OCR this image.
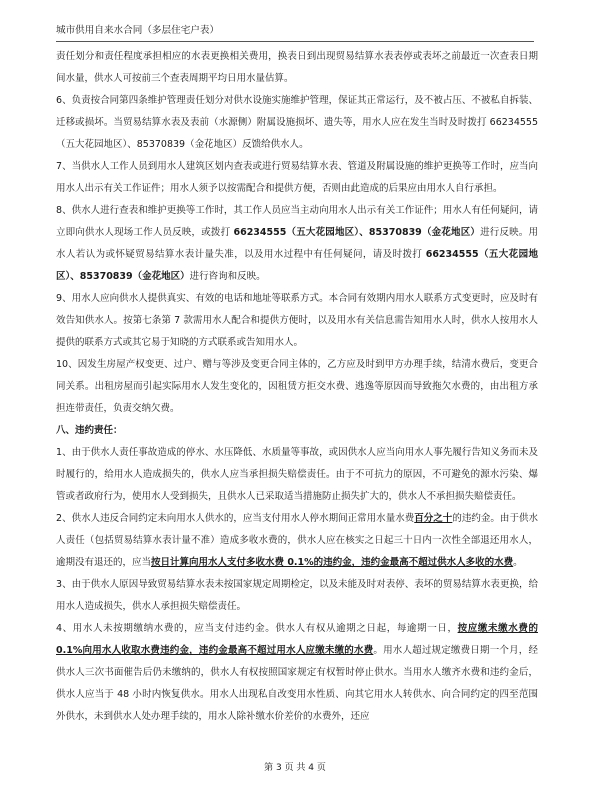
城市供用自来水合同（多层住宅户表）

责任划分和责任程度承担相应的水表更换相关费用，换表日到出现贸易结算水表表停或表坏之前最近一次查表日期间水量，供水人可按前三个查表周期平均日用水量估算。

6、负责按合同第四条维护管理责任划分对供水设施实施维护管理，保证其正常运行，及不被占压、不被私自拆装、迁移或损坏。当贸易结算水表及表前（水源侧）附属设施损坏、遗失等，用水人应在发生当时及时拨打 66234555（五大花园地区）、85370839（金花地区）反馈给供水人。

7、当供水人工作人员到用水人建筑区划内查表或进行贸易结算水表、管道及附属设施的维护更换等工作时，应当向用水人出示有关工作证件；用水人须予以按需配合和提供方便，否则由此造成的后果应由用水人自行承担。

8、供水人进行查表和维护更换等工作时，其工作人员应当主动向用水人出示有关工作证件；用水人有任何疑问，请立即向供水人现场工作人员反映，或拨打 66234555（五大花园地区）、85370839（金花地区）进行反映。用水人若认为或怀疑贸易结算水表计量失准，以及用水过程中有任何疑问，请及时拨打 66234555（五大花园地区）、85370839（金花地区）进行咨询和反映。

9、用水人应向供水人提供真实、有效的电话和地址等联系方式。本合同有效期内用水人联系方式变更时，应及时有效告知供水人。按第七条第 7 款需用水人配合和提供方便时，以及用水有关信息需告知用水人时，供水人按用水人提供的联系方式或其它易于知晓的方式联系或告知用水人。

10、因发生房屋产权变更、过户、赠与等涉及变更合同主体的，乙方应及时到甲方办理手续，结清水费后，变更合同关系。出租房屋而引起实际用水人发生变化的，因租赁方拒交水费、逃逸等原因而导致拖欠水费的，由出租方承担连带责任，负责交纳欠费。

八、违约责任：

1、由于供水人责任事故造成的停水、水压降低、水质量等事故，或因供水人应当向用水人事先履行告知义务而未及时履行的，给用水人造成损失的，供水人应当承担损失赔偿责任。由于不可抗力的原因，不可避免的源水污染、爆管或者政府行为，使用水人受到损失，且供水人已采取适当措施防止损失扩大的，供水人不承担损失赔偿责任。

2、供水人违反合同约定未向用水人供水的，应当支付用水人停水期间正常用水量水费百分之十的违约金。由于供水人责任（包括贸易结算水表计量不准）造成多收水费的，供水人应在核实之日起三十日内一次性全部退还用水人，逾期没有退还的，应当按日计算向用水人支付多收水费 0.1%的违约金，违约金最高不超过供水人多收的水费。

3、由于供水人原因导致贸易结算水表未按国家规定周期检定，以及未能及时对表停、表坏的贸易结算水表更换，给用水人造成损失，供水人承担损失赔偿责任。

4、用水人未按期缴纳水费的，应当支付违约金。供水人有权从逾期之日起，每逾期一日，按应缴未缴水费的 0.1%向用水人收取水费违约金，违约金最高不超过用水人应缴未缴的水费。用水人超过规定缴费日期一个月，经供水人三次书面催告后仍未缴纳的，供水人有权按照国家规定有权暂时停止供水。当用水人缴齐水费和违约金后，供水人应当于 48 小时内恢复供水。用水人出现私自改变用水性质、向其它用水人转供水、向合同约定的四至范围外供水，未到供水人处办理手续的，用水人除补缴水价差价的水费外，还应

第 3 页 共 4 页
